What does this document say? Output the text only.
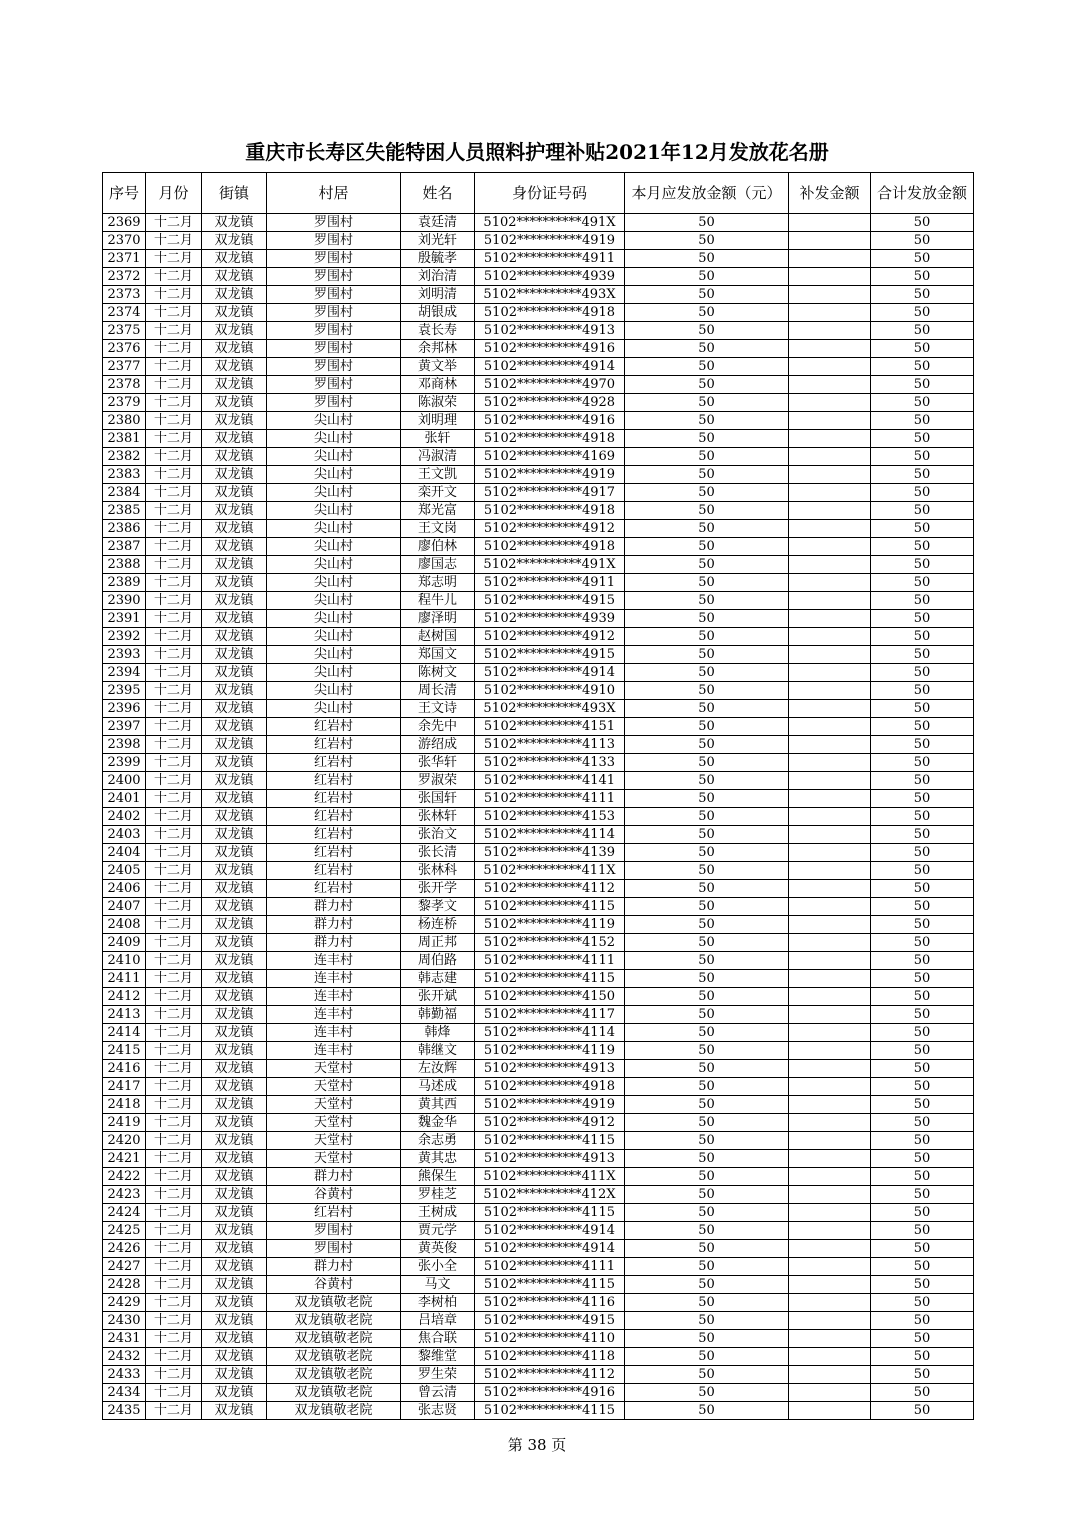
重庆市长寿区失能特困人员照料护理补贴2021年12月发放花名册
序号	月份	街镇	村居	姓名	身份证号码	本月应发放金额（元）	补发金额	合计发放金额
2369	十二月	双龙镇	罗围村	袁廷清	5102**********491X	50		50
2370	十二月	双龙镇	罗围村	刘光轩	5102**********4919	50		50
2371	十二月	双龙镇	罗围村	殷毓孝	5102**********4911	50		50
2372	十二月	双龙镇	罗围村	刘治清	5102**********4939	50		50
2373	十二月	双龙镇	罗围村	刘明清	5102**********493X	50		50
2374	十二月	双龙镇	罗围村	胡银成	5102**********4918	50		50
2375	十二月	双龙镇	罗围村	袁长寿	5102**********4913	50		50
2376	十二月	双龙镇	罗围村	余邦林	5102**********4916	50		50
2377	十二月	双龙镇	罗围村	黄文举	5102**********4914	50		50
2378	十二月	双龙镇	罗围村	邓商林	5102**********4970	50		50
2379	十二月	双龙镇	罗围村	陈淑荣	5102**********4928	50		50
2380	十二月	双龙镇	尖山村	刘明理	5102**********4916	50		50
2381	十二月	双龙镇	尖山村	张轩	5102**********4918	50		50
2382	十二月	双龙镇	尖山村	冯淑清	5102**********4169	50		50
2383	十二月	双龙镇	尖山村	王文凯	5102**********4919	50		50
2384	十二月	双龙镇	尖山村	栾开文	5102**********4917	50		50
2385	十二月	双龙镇	尖山村	郑光富	5102**********4918	50		50
2386	十二月	双龙镇	尖山村	王文岗	5102**********4912	50		50
2387	十二月	双龙镇	尖山村	廖伯林	5102**********4918	50		50
2388	十二月	双龙镇	尖山村	廖国志	5102**********491X	50		50
2389	十二月	双龙镇	尖山村	郑志明	5102**********4911	50		50
2390	十二月	双龙镇	尖山村	程牛儿	5102**********4915	50		50
2391	十二月	双龙镇	尖山村	廖泽明	5102**********4939	50		50
2392	十二月	双龙镇	尖山村	赵树国	5102**********4912	50		50
2393	十二月	双龙镇	尖山村	郑国文	5102**********4915	50		50
2394	十二月	双龙镇	尖山村	陈树文	5102**********4914	50		50
2395	十二月	双龙镇	尖山村	周长清	5102**********4910	50		50
2396	十二月	双龙镇	尖山村	王文诗	5102**********493X	50		50
2397	十二月	双龙镇	红岩村	余先中	5102**********4151	50		50
2398	十二月	双龙镇	红岩村	游绍成	5102**********4113	50		50
2399	十二月	双龙镇	红岩村	张华轩	5102**********4133	50		50
2400	十二月	双龙镇	红岩村	罗淑荣	5102**********4141	50		50
2401	十二月	双龙镇	红岩村	张国轩	5102**********4111	50		50
2402	十二月	双龙镇	红岩村	张林轩	5102**********4153	50		50
2403	十二月	双龙镇	红岩村	张治文	5102**********4114	50		50
2404	十二月	双龙镇	红岩村	张长清	5102**********4139	50		50
2405	十二月	双龙镇	红岩村	张林科	5102**********411X	50		50
2406	十二月	双龙镇	红岩村	张开学	5102**********4112	50		50
2407	十二月	双龙镇	群力村	黎孝文	5102**********4115	50		50
2408	十二月	双龙镇	群力村	杨连桥	5102**********4119	50		50
2409	十二月	双龙镇	群力村	周正邦	5102**********4152	50		50
2410	十二月	双龙镇	连丰村	周伯路	5102**********4111	50		50
2411	十二月	双龙镇	连丰村	韩志建	5102**********4115	50		50
2412	十二月	双龙镇	连丰村	张开斌	5102**********4150	50		50
2413	十二月	双龙镇	连丰村	韩勤福	5102**********4117	50		50
2414	十二月	双龙镇	连丰村	韩烽	5102**********4114	50		50
2415	十二月	双龙镇	连丰村	韩继文	5102**********4119	50		50
2416	十二月	双龙镇	天堂村	左汝辉	5102**********4913	50		50
2417	十二月	双龙镇	天堂村	马述成	5102**********4918	50		50
2418	十二月	双龙镇	天堂村	黄其西	5102**********4919	50		50
2419	十二月	双龙镇	天堂村	魏金华	5102**********4912	50		50
2420	十二月	双龙镇	天堂村	余志勇	5102**********4115	50		50
2421	十二月	双龙镇	天堂村	黄其忠	5102**********4913	50		50
2422	十二月	双龙镇	群力村	熊保生	5102**********411X	50		50
2423	十二月	双龙镇	谷黄村	罗桂芝	5102**********412X	50		50
2424	十二月	双龙镇	红岩村	王树成	5102**********4115	50		50
2425	十二月	双龙镇	罗围村	贾元学	5102**********4914	50		50
2426	十二月	双龙镇	罗围村	黄英俊	5102**********4914	50		50
2427	十二月	双龙镇	群力村	张小全	5102**********4111	50		50
2428	十二月	双龙镇	谷黄村	马文	5102**********4115	50		50
2429	十二月	双龙镇	双龙镇敬老院	李树柏	5102**********4116	50		50
2430	十二月	双龙镇	双龙镇敬老院	吕培章	5102**********4915	50		50
2431	十二月	双龙镇	双龙镇敬老院	焦合联	5102**********4110	50		50
2432	十二月	双龙镇	双龙镇敬老院	黎维堂	5102**********4118	50		50
2433	十二月	双龙镇	双龙镇敬老院	罗生荣	5102**********4112	50		50
2434	十二月	双龙镇	双龙镇敬老院	曾云清	5102**********4916	50		50
2435	十二月	双龙镇	双龙镇敬老院	张志贤	5102**********4115	50		50
第 38 页
